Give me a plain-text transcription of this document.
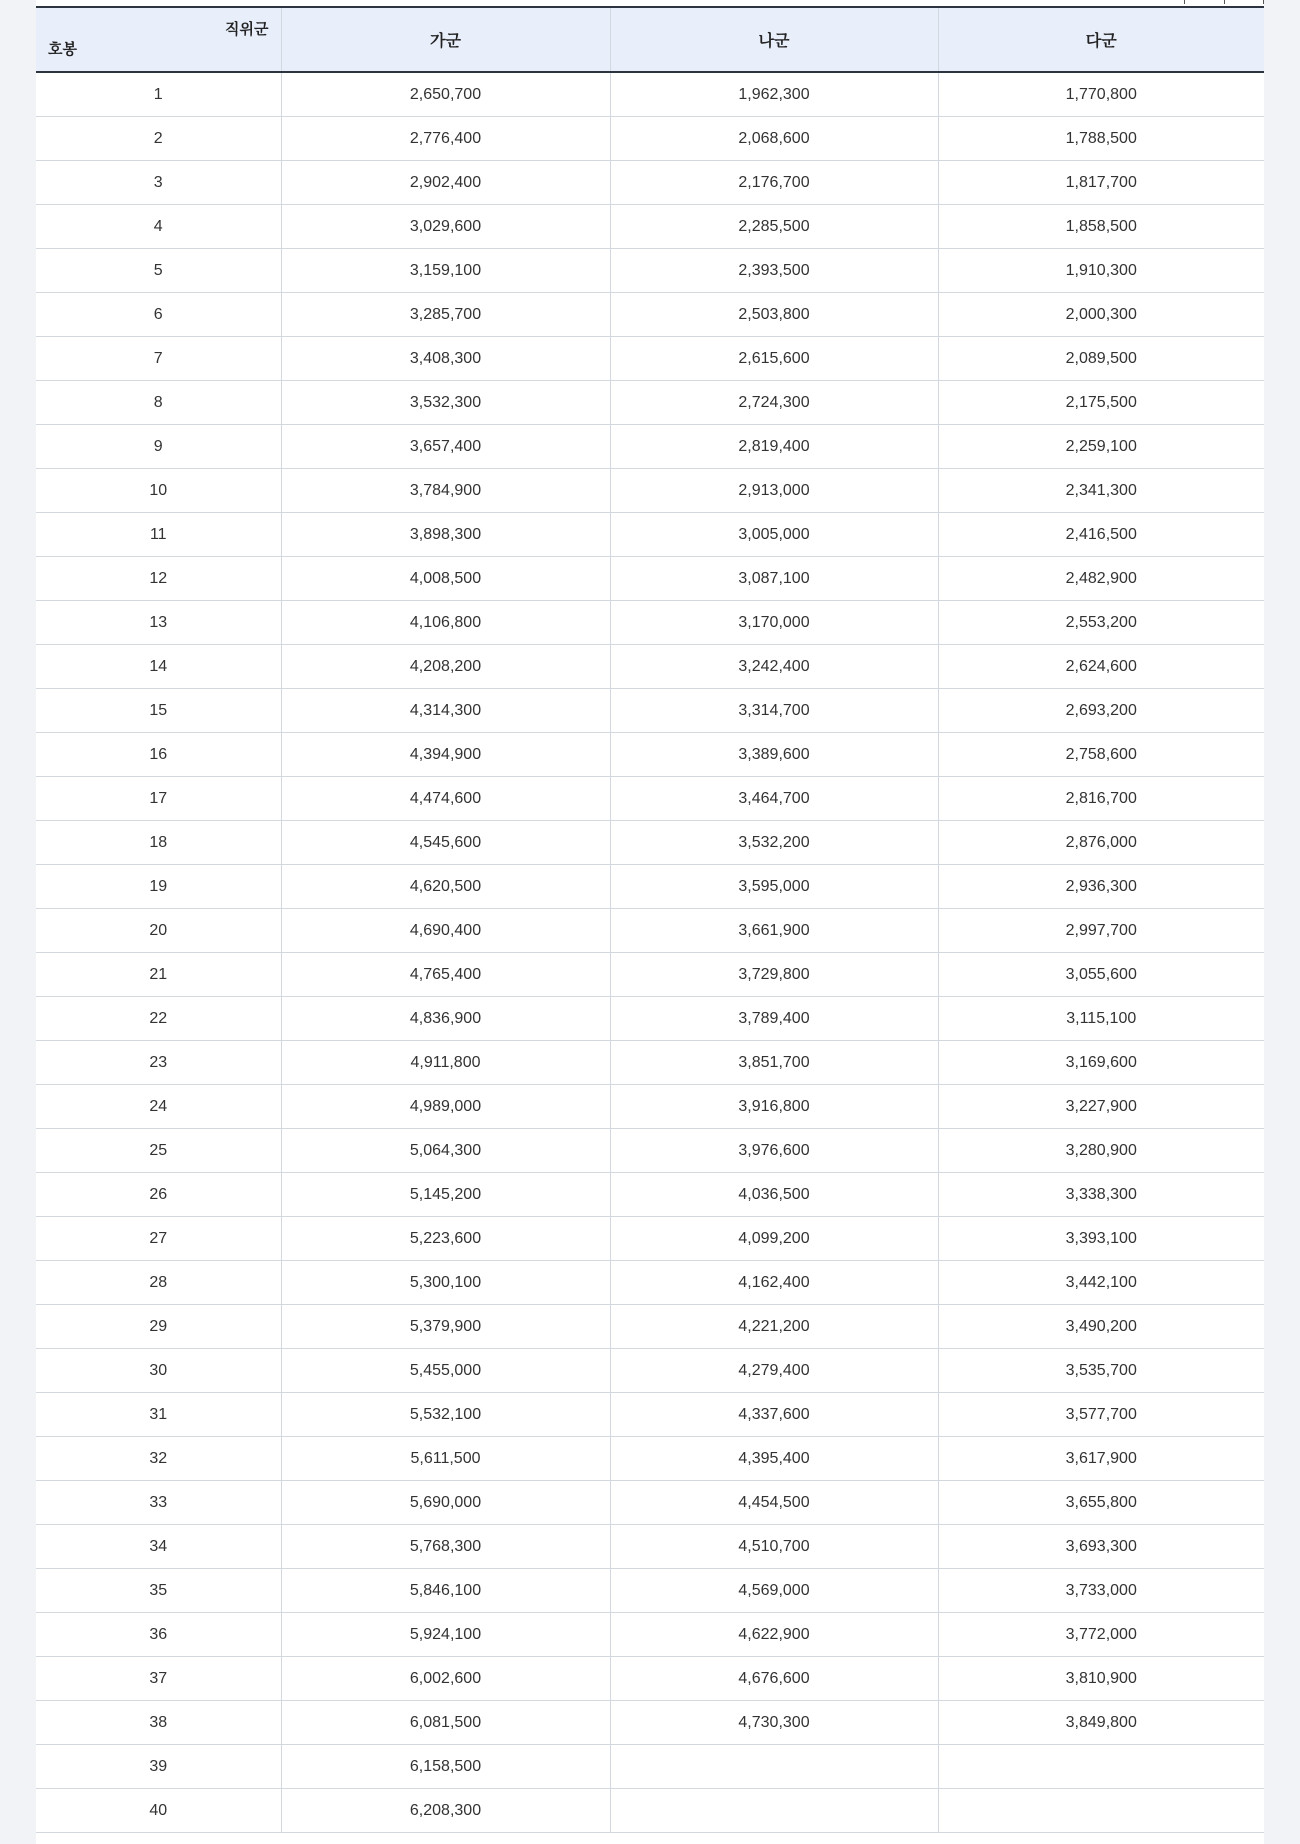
직위군
호봉	가군	나군	다군
1	2,650,700	1,962,300	1,770,800
2	2,776,400	2,068,600	1,788,500
3	2,902,400	2,176,700	1,817,700
4	3,029,600	2,285,500	1,858,500
5	3,159,100	2,393,500	1,910,300
6	3,285,700	2,503,800	2,000,300
7	3,408,300	2,615,600	2,089,500
8	3,532,300	2,724,300	2,175,500
9	3,657,400	2,819,400	2,259,100
10	3,784,900	2,913,000	2,341,300
11	3,898,300	3,005,000	2,416,500
12	4,008,500	3,087,100	2,482,900
13	4,106,800	3,170,000	2,553,200
14	4,208,200	3,242,400	2,624,600
15	4,314,300	3,314,700	2,693,200
16	4,394,900	3,389,600	2,758,600
17	4,474,600	3,464,700	2,816,700
18	4,545,600	3,532,200	2,876,000
19	4,620,500	3,595,000	2,936,300
20	4,690,400	3,661,900	2,997,700
21	4,765,400	3,729,800	3,055,600
22	4,836,900	3,789,400	3,115,100
23	4,911,800	3,851,700	3,169,600
24	4,989,000	3,916,800	3,227,900
25	5,064,300	3,976,600	3,280,900
26	5,145,200	4,036,500	3,338,300
27	5,223,600	4,099,200	3,393,100
28	5,300,100	4,162,400	3,442,100
29	5,379,900	4,221,200	3,490,200
30	5,455,000	4,279,400	3,535,700
31	5,532,100	4,337,600	3,577,700
32	5,611,500	4,395,400	3,617,900
33	5,690,000	4,454,500	3,655,800
34	5,768,300	4,510,700	3,693,300
35	5,846,100	4,569,000	3,733,000
36	5,924,100	4,622,900	3,772,000
37	6,002,600	4,676,600	3,810,900
38	6,081,500	4,730,300	3,849,800
39	6,158,500		
40	6,208,300		
